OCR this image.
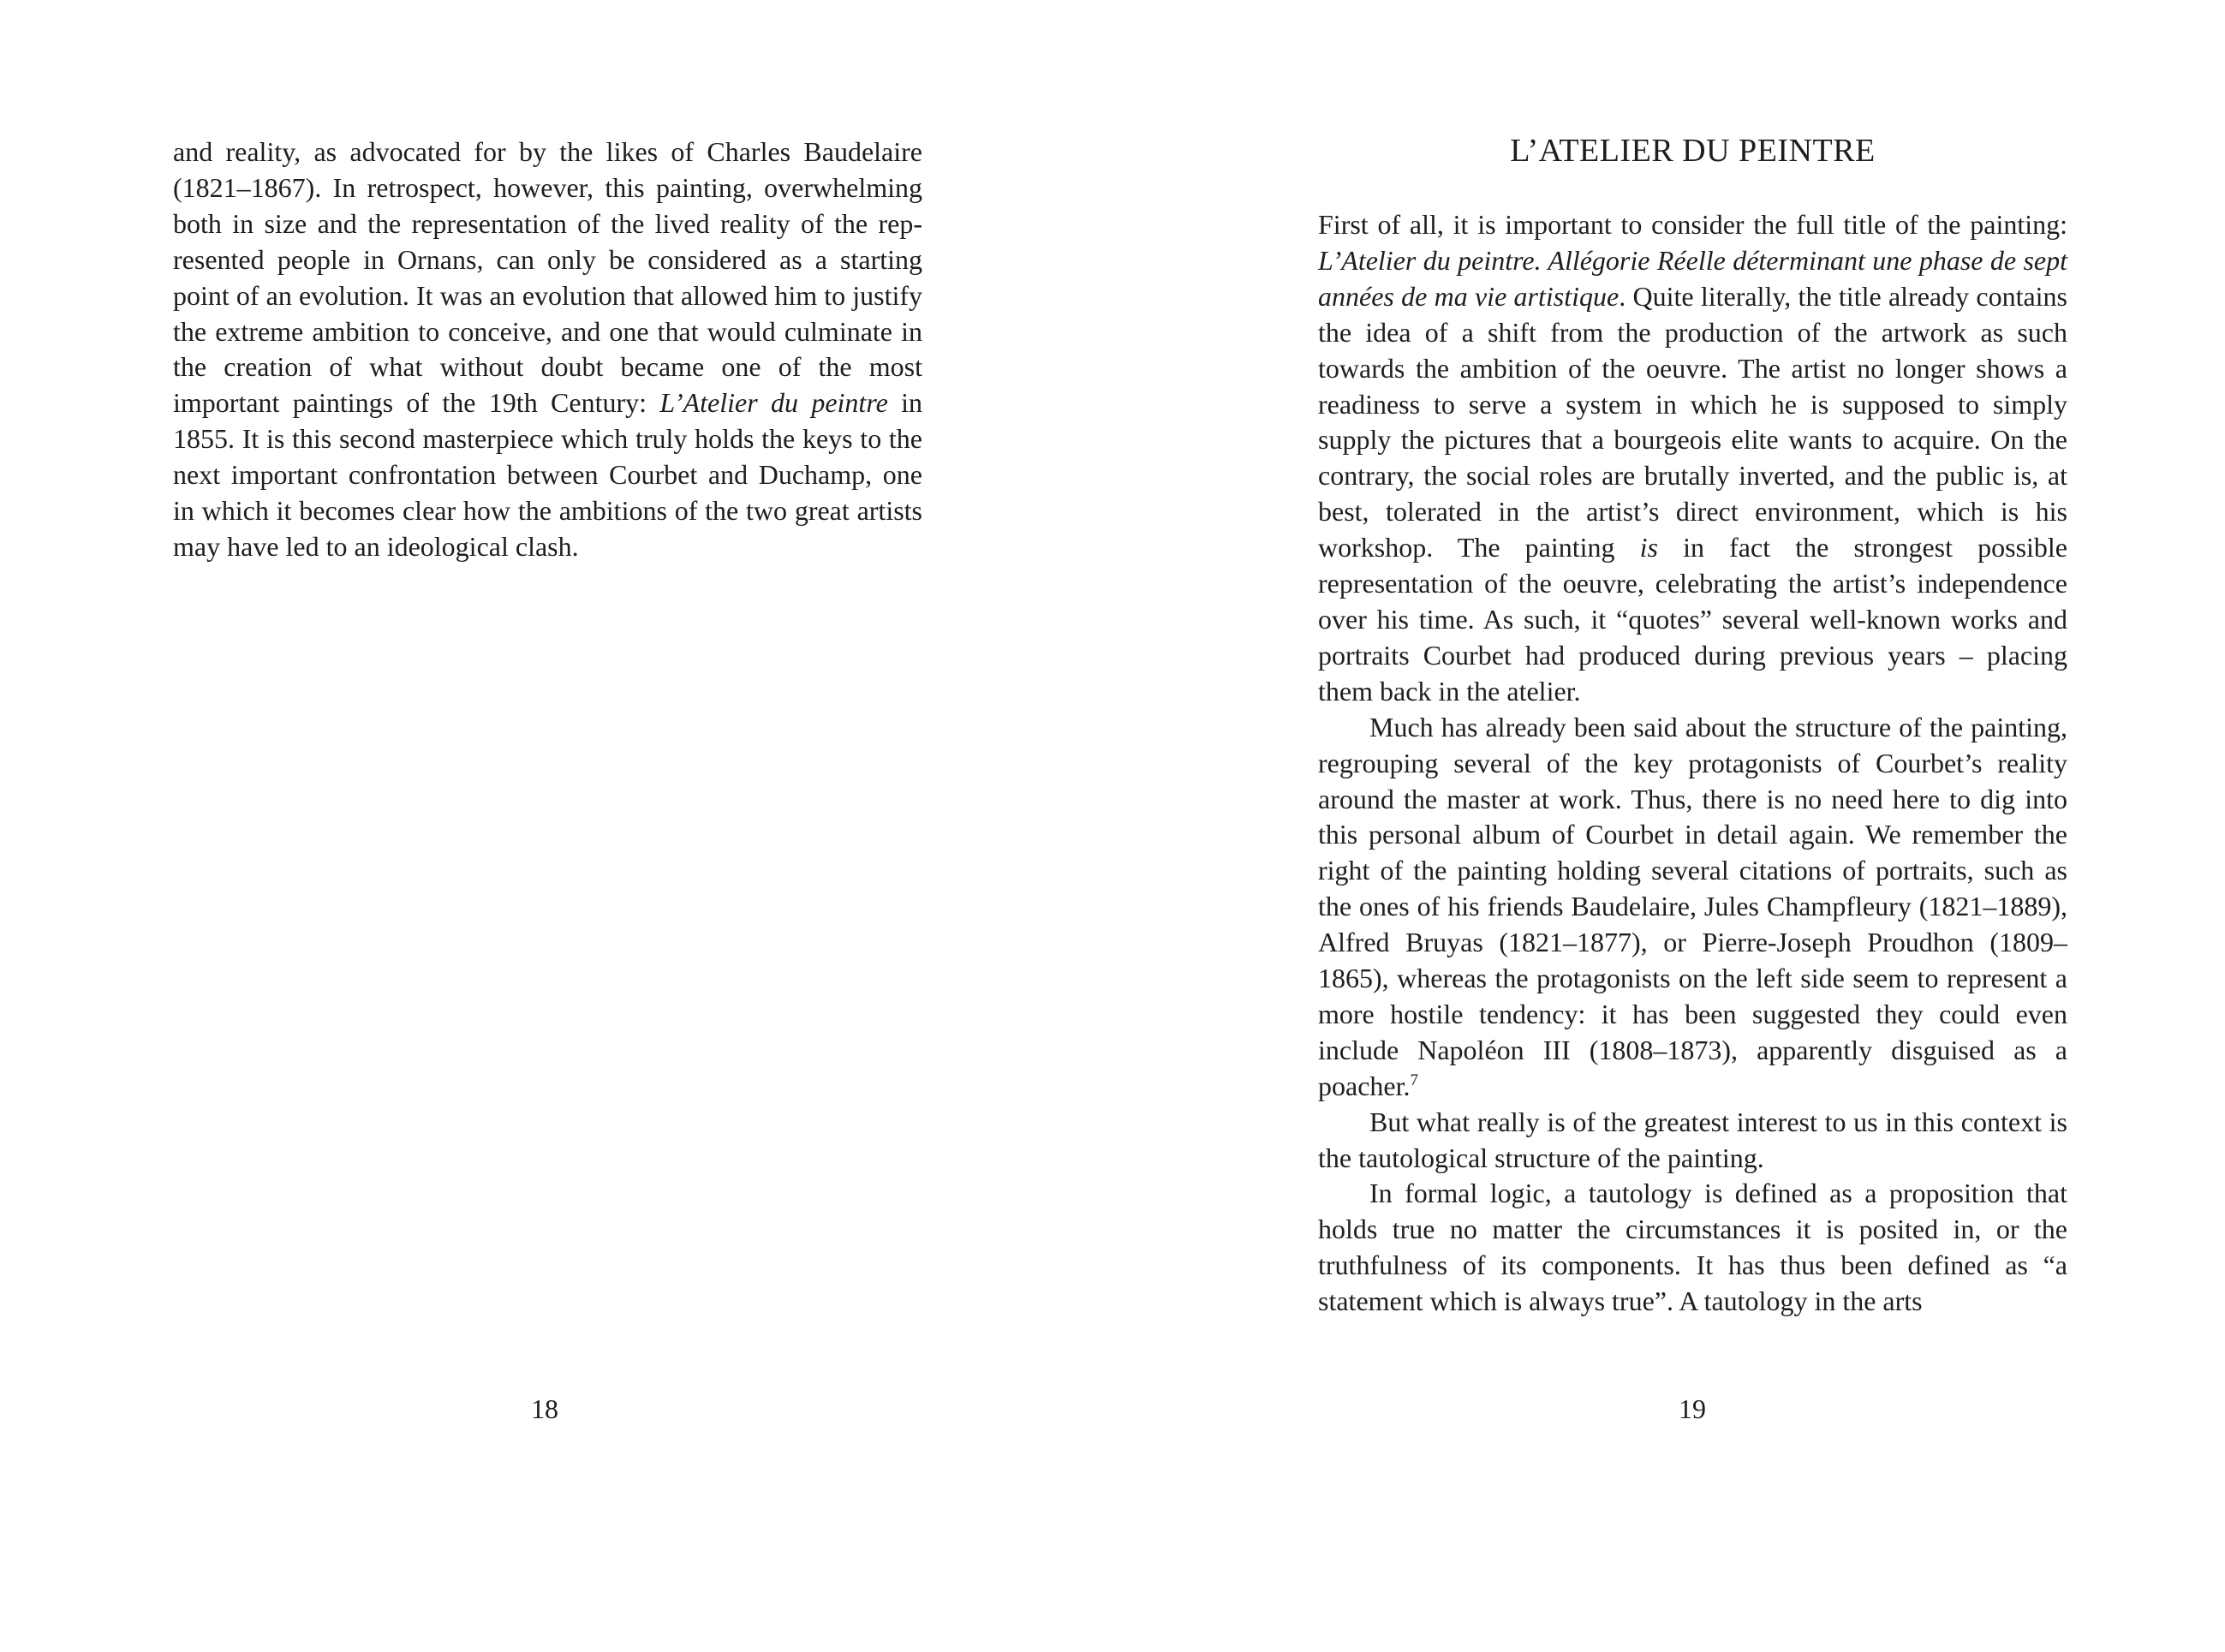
and reality, as advocated for by the likes of Charles Baudelaire (1821–1867). In retrospect, however, this painting, overwhelming both in size and the representation of the lived reality of the represented people in Ornans, can only be considered as a starting point of an evolution. It was an evolution that allowed him to justify the extreme ambition to conceive, and one that would culminate in the creation of what without doubt became one of the most important paintings of the 19th Century: L’Atelier du peintre in 1855. It is this second masterpiece which truly holds the keys to the next important confrontation between Courbet and Duchamp, one in which it becomes clear how the ambitions of the two great artists may have led to an ideological clash.

18
L’ATELIER DU PEINTRE

First of all, it is important to consider the full title of the painting: L’Atelier du peintre. Allégorie Réelle déterminant une phase de sept années de ma vie artistique. Quite literally, the title already contains the idea of a shift from the production of the artwork as such towards the ambition of the oeuvre. The artist no longer shows a readiness to serve a system in which he is supposed to simply supply the pictures that a bourgeois elite wants to acquire. On the contrary, the social roles are brutally inverted, and the public is, at best, tolerated in the artist’s direct environment, which is his workshop. The painting is in fact the strongest possible representation of the oeuvre, celebrating the artist’s independence over his time. As such, it “quotes” several well-known works and portraits Courbet had produced during previous years – placing them back in the atelier.

Much has already been said about the structure of the painting, regrouping several of the key protagonists of Courbet’s reality around the master at work. Thus, there is no need here to dig into this personal album of Courbet in detail again. We remember the right of the painting holding several citations of portraits, such as the ones of his friends Baudelaire, Jules Champfleury (1821–1889), Alfred Bruyas (1821–1877), or Pierre-Joseph Proudhon (1809–1865), whereas the protagonists on the left side seem to represent a more hostile tendency: it has been suggested they could even include Napoléon III (1808–1873), apparently disguised as a poacher.$^7$

But what really is of the greatest interest to us in this context is the tautological structure of the painting.

In formal logic, a tautology is defined as a proposition that holds true no matter the circumstances it is posited in, or the truthfulness of its components. It has thus been defined as “a statement which is always true”. A tautology in the arts

19
